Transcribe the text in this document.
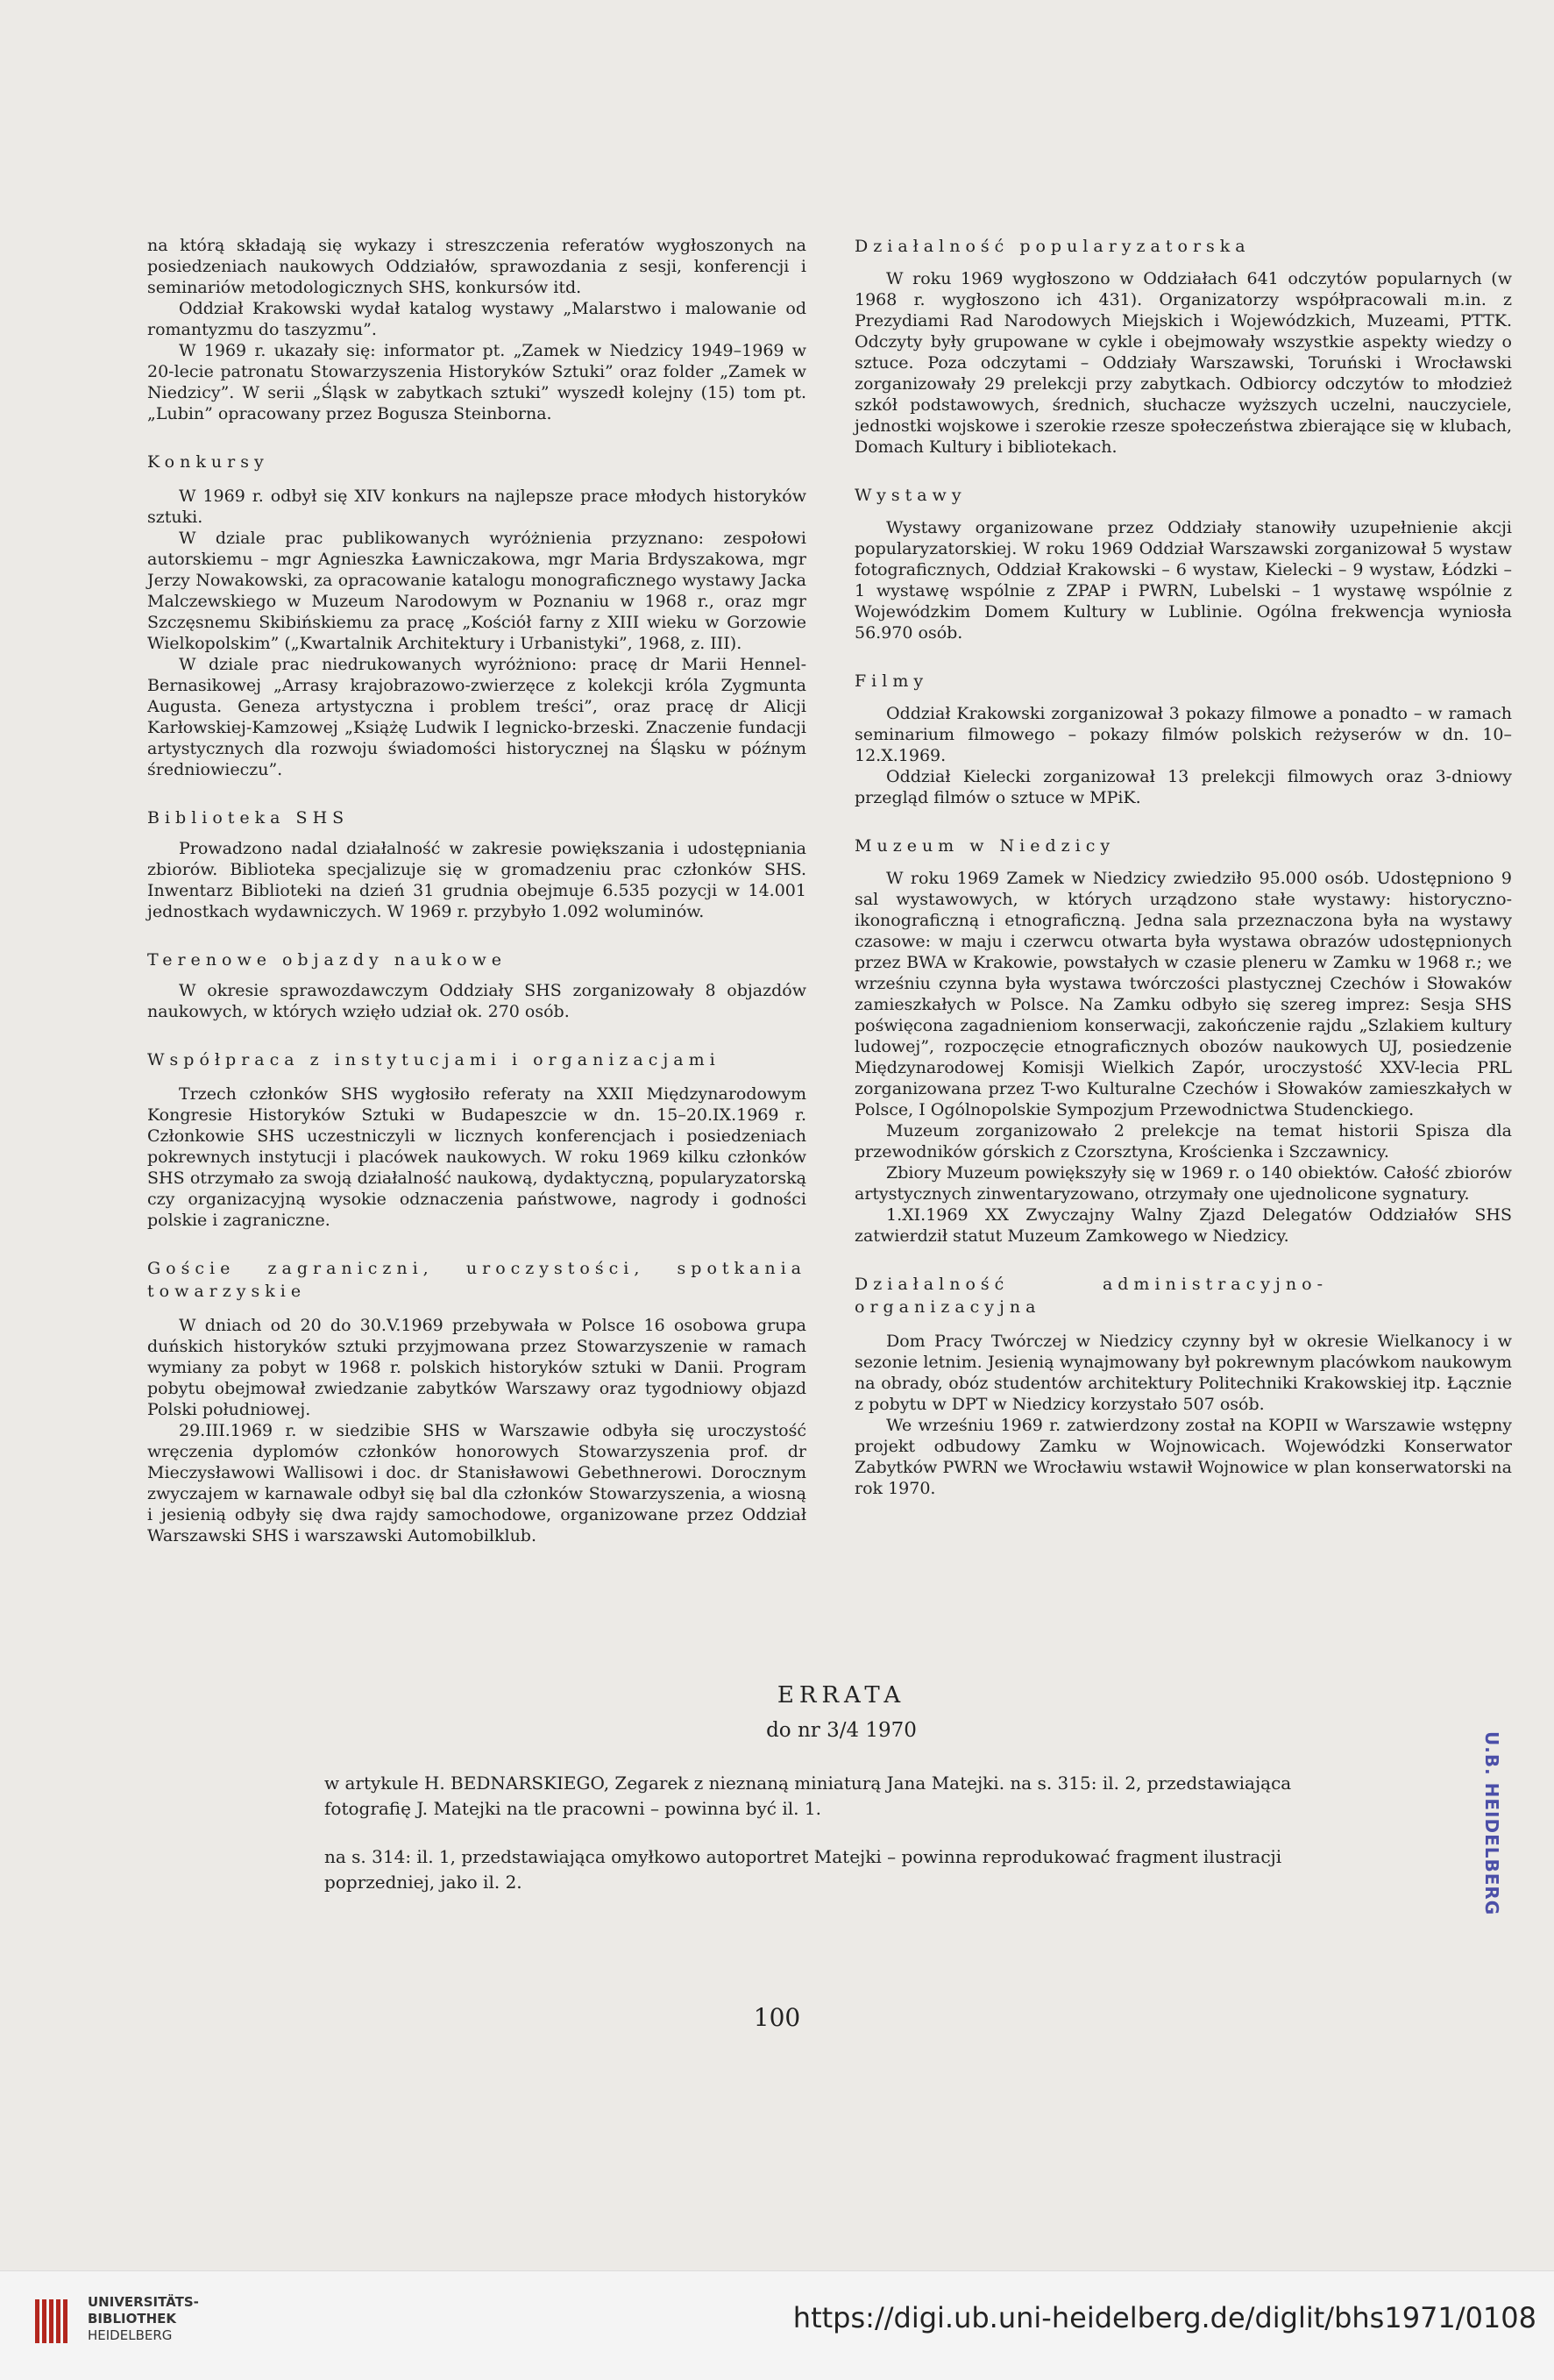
na którą składają się wykazy i streszczenia referatów wygłoszonych na posiedzeniach naukowych Oddziałów, sprawozdania z sesji, konferencji i seminariów metodologicznych SHS, konkursów itd.

Oddział Krakowski wydał katalog wystawy „Malarstwo i malowanie od romantyzmu do taszyzmu”.

W 1969 r. ukazały się: informator pt. „Zamek w Niedzicy 1949–1969 w 20-lecie patronatu Stowarzyszenia Historyków Sztuki” oraz folder „Zamek w Niedzicy”. W serii „Śląsk w zabytkach sztuki” wyszedł kolejny (15) tom pt. „Lubin” opracowany przez Bogusza Steinborna.

Konkursy

W 1969 r. odbył się XIV konkurs na najlepsze prace młodych historyków sztuki.

W dziale prac publikowanych wyróżnienia przyznano: zespołowi autorskiemu – mgr Agnieszka Ławniczakowa, mgr Maria Brdyszakowa, mgr Jerzy Nowakowski, za opracowanie katalogu monograficznego wystawy Jacka Malczewskiego w Muzeum Narodowym w Poznaniu w 1968 r., oraz mgr Szczęsnemu Skibińskiemu za pracę „Kościół farny z XIII wieku w Gorzowie Wielkopolskim” („Kwartalnik Architektury i Urbanistyki”, 1968, z. III).

W dziale prac niedrukowanych wyróżniono: pracę dr Marii Hennel-Bernasikowej „Arrasy krajobrazowo-zwierzęce z kolekcji króla Zygmunta Augusta. Geneza artystyczna i problem treści”, oraz pracę dr Alicji Karłowskiej-Kamzowej „Książę Ludwik I legnicko-brzeski. Znaczenie fundacji artystycznych dla rozwoju świadomości historycznej na Śląsku w późnym średniowieczu”.

Biblioteka SHS

Prowadzono nadal działalność w zakresie powiększania i udostępniania zbiorów. Biblioteka specjalizuje się w gromadzeniu prac członków SHS. Inwentarz Biblioteki na dzień 31 grudnia obejmuje 6.535 pozycji w 14.001 jednostkach wydawniczych. W 1969 r. przybyło 1.092 woluminów.

Terenowe objazdy naukowe

W okresie sprawozdawczym Oddziały SHS zorganizowały 8 objazdów naukowych, w których wzięło udział ok. 270 osób.

Współpraca z instytucjami i organizacjami

Trzech członków SHS wygłosiło referaty na XXII Międzynarodowym Kongresie Historyków Sztuki w Budapeszcie w dn. 15–20.IX.1969 r. Członkowie SHS uczestniczyli w licznych konferencjach i posiedzeniach pokrewnych instytucji i placówek naukowych. W roku 1969 kilku członków SHS otrzymało za swoją działalność naukową, dydaktyczną, popularyzatorską czy organizacyjną wysokie odznaczenia państwowe, nagrody i godności polskie i zagraniczne.

Goście zagraniczni, uroczystości, spotkania towarzyskie

W dniach od 20 do 30.V.1969 przebywała w Polsce 16 osobowa grupa duńskich historyków sztuki przyjmowana przez Stowarzyszenie w ramach wymiany za pobyt w 1968 r. polskich historyków sztuki w Danii. Program pobytu obejmował zwiedzanie zabytków Warszawy oraz tygodniowy objazd Polski południowej.

29.III.1969 r. w siedzibie SHS w Warszawie odbyła się uroczystość wręczenia dyplomów członków honorowych Stowarzyszenia prof. dr Mieczysławowi Wallisowi i doc. dr Stanisławowi Gebethnerowi. Dorocznym zwyczajem w karnawale odbył się bal dla członków Stowarzyszenia, a wiosną i jesienią odbyły się dwa rajdy samochodowe, organizowane przez Oddział Warszawski SHS i warszawski Automobilklub.

Działalność popularyzatorska

W roku 1969 wygłoszono w Oddziałach 641 odczytów popularnych (w 1968 r. wygłoszono ich 431). Organizatorzy współpracowali m.in. z Prezydiami Rad Narodowych Miejskich i Wojewódzkich, Muzeami, PTTK. Odczyty były grupowane w cykle i obejmowały wszystkie aspekty wiedzy o sztuce. Poza odczytami – Oddziały Warszawski, Toruński i Wrocławski zorganizowały 29 prelekcji przy zabytkach. Odbiorcy odczytów to młodzież szkół podstawowych, średnich, słuchacze wyższych uczelni, nauczyciele, jednostki wojskowe i szerokie rzesze społeczeństwa zbierające się w klubach, Domach Kultury i bibliotekach.

Wystawy

Wystawy organizowane przez Oddziały stanowiły uzupełnienie akcji popularyzatorskiej. W roku 1969 Oddział Warszawski zorganizował 5 wystaw fotograficznych, Oddział Krakowski – 6 wystaw, Kielecki – 9 wystaw, Łódzki – 1 wystawę wspólnie z ZPAP i PWRN, Lubelski – 1 wystawę wspólnie z Wojewódzkim Domem Kultury w Lublinie. Ogólna frekwencja wyniosła 56.970 osób.

Filmy

Oddział Krakowski zorganizował 3 pokazy filmowe a ponadto – w ramach seminarium filmowego – pokazy filmów polskich reżyserów w dn. 10–12.X.1969.

Oddział Kielecki zorganizował 13 prelekcji filmowych oraz 3-dniowy przegląd filmów o sztuce w MPiK.

Muzeum w Niedzicy

W roku 1969 Zamek w Niedzicy zwiedziło 95.000 osób. Udostępniono 9 sal wystawowych, w których urządzono stałe wystawy: historyczno-ikonograficzną i etnograficzną. Jedna sala przeznaczona była na wystawy czasowe: w maju i czerwcu otwarta była wystawa obrazów udostępnionych przez BWA w Krakowie, powstałych w czasie pleneru w Zamku w 1968 r.; we wrześniu czynna była wystawa twórczości plastycznej Czechów i Słowaków zamieszkałych w Polsce. Na Zamku odbyło się szereg imprez: Sesja SHS poświęcona zagadnieniom konserwacji, zakończenie rajdu „Szlakiem kultury ludowej”, rozpoczęcie etnograficznych obozów naukowych UJ, posiedzenie Międzynarodowej Komisji Wielkich Zapór, uroczystość XXV-lecia PRL zorganizowana przez T-wo Kulturalne Czechów i Słowaków zamieszkałych w Polsce, I Ogólnopolskie Sympozjum Przewodnictwa Studenckiego.

Muzeum zorganizowało 2 prelekcje na temat historii Spisza dla przewodników górskich z Czorsztyna, Krościenka i Szczawnicy.

Zbiory Muzeum powiększyły się w 1969 r. o 140 obiektów. Całość zbiorów artystycznych zinwentaryzowano, otrzymały one ujednolicone sygnatury.

1.XI.1969 XX Zwyczajny Walny Zjazd Delegatów Oddziałów SHS zatwierdził statut Muzeum Zamkowego w Niedzicy.

Działalność administracyjno-organizacyjna

Dom Pracy Twórczej w Niedzicy czynny był w okresie Wielkanocy i w sezonie letnim. Jesienią wynajmowany był pokrewnym placówkom naukowym na obrady, obóz studentów architektury Politechniki Krakowskiej itp. Łącznie z pobytu w DPT w Niedzicy korzystało 507 osób.

We wrześniu 1969 r. zatwierdzony został na KOPII w Warszawie wstępny projekt odbudowy Zamku w Wojnowicach. Wojewódzki Konserwator Zabytków PWRN we Wrocławiu wstawił Wojnowice w plan konserwatorski na rok 1970.

ERRATA
do nr 3/4 1970

w artykule H. BEDNARSKIEGO, Zegarek z nieznaną miniaturą Jana Matejki. na s. 315: il. 2, przedstawiająca fotografię J. Matejki na tle pracowni – powinna być il. 1.

na s. 314: il. 1, przedstawiająca omyłkowo autoportret Matejki – powinna reprodukować fragment ilustracji poprzedniej, jako il. 2.	U.B. HEIDELBERG
100
UNIVERSITÄTS-
BIBLIOTHEK
HEIDELBERG
https://digi.ub.uni-heidelberg.de/diglit/bhs1971/0108
